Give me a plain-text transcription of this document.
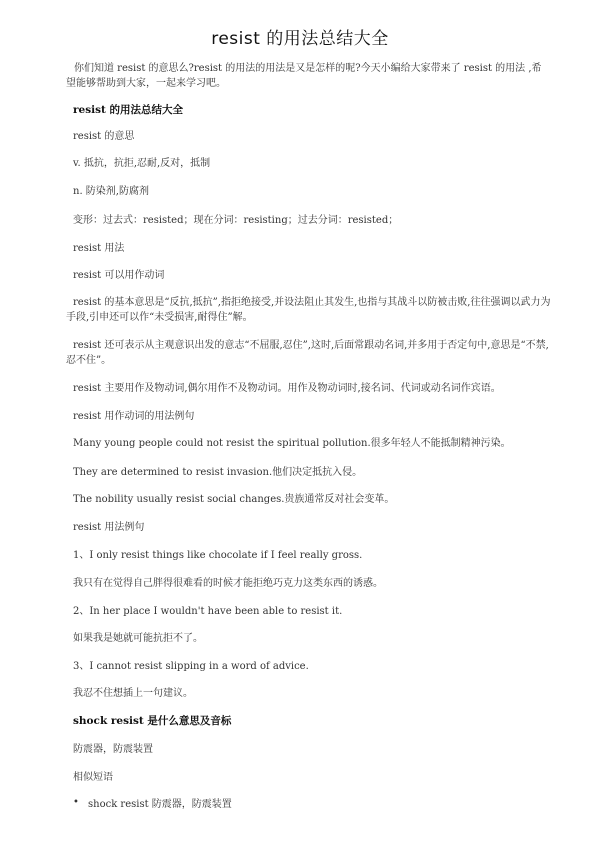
resist 的用法总结大全
你们知道 resist 的意思么?resist 的用法的用法是又是怎样的呢?今天小编给大家带来了 resist 的用法 ,希望能够帮助到大家，一起来学习吧。
resist 的用法总结大全
resist 的意思
v. 抵抗，抗拒,忍耐,反对，抵制
n. 防染剂,防腐剂
变形：过去式：resisted；现在分词：resisting；过去分词：resisted；
resist 用法
resist 可以用作动词
resist 的基本意思是“反抗,抵抗”,指拒绝接受,并设法阻止其发生,也指与其战斗以防被击败,往往强调以武力为手段,引申还可以作“未受损害,耐得住”解。
resist 还可表示从主观意识出发的意志“不屈服,忍住”,这时,后面常跟动名词,并多用于否定句中,意思是“不禁,忍不住”。
resist 主要用作及物动词,偶尔用作不及物动词。用作及物动词时,接名词、代词或动名词作宾语。
resist 用作动词的用法例句
Many young people could not resist the spiritual pollution.很多年轻人不能抵制精神污染。
They are determined to resist invasion.他们决定抵抗入侵。
The nobility usually resist social changes.贵族通常反对社会变革。
resist 用法例句
1、I only resist things like chocolate if I feel really gross.
我只有在觉得自己胖得很难看的时候才能拒绝巧克力这类东西的诱惑。
2、In her place I wouldn't have been able to resist it.
如果我是她就可能抗拒不了。
3、I cannot resist slipping in a word of advice.
我忍不住想插上一句建议。
shock resist 是什么意思及音标
防震器，防震装置
相似短语
• shock resist 防震器，防震装置
